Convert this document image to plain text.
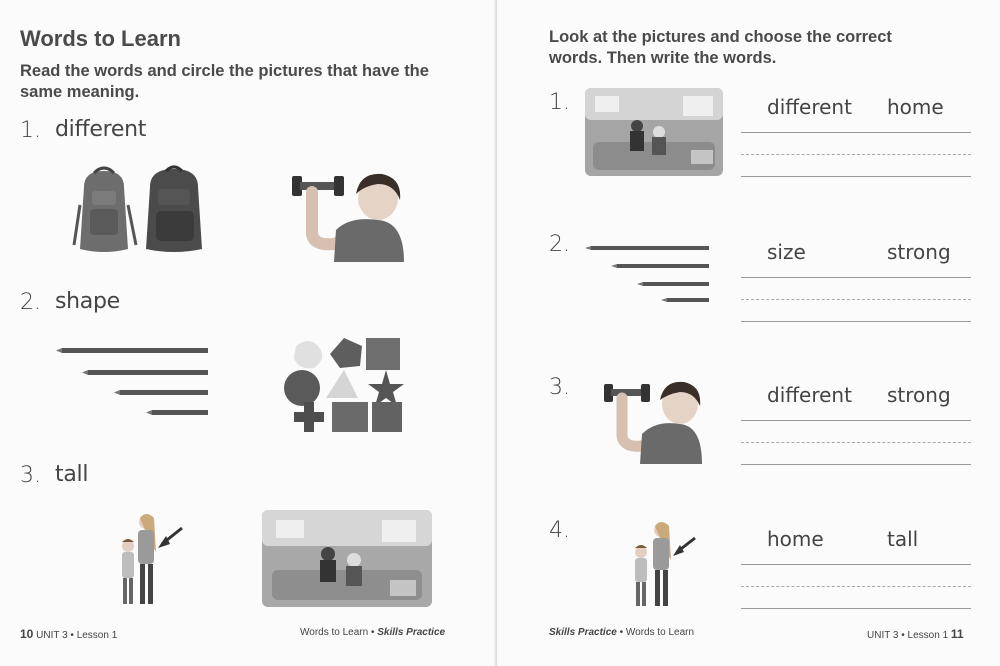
Words to Learn
Read the words and circle the pictures that have the same meaning.
1. different
2. shape
3. tall
10 UNIT 3 • Lesson 1	Words to Learn • Skills Practice
Look at the pictures and choose the correct words. Then write the words.
1.	different home
2.	size	strong
3.	different strong
4.	home	tall
Skills Practice • Words to Learn	UNIT 3 • Lesson 1 11
